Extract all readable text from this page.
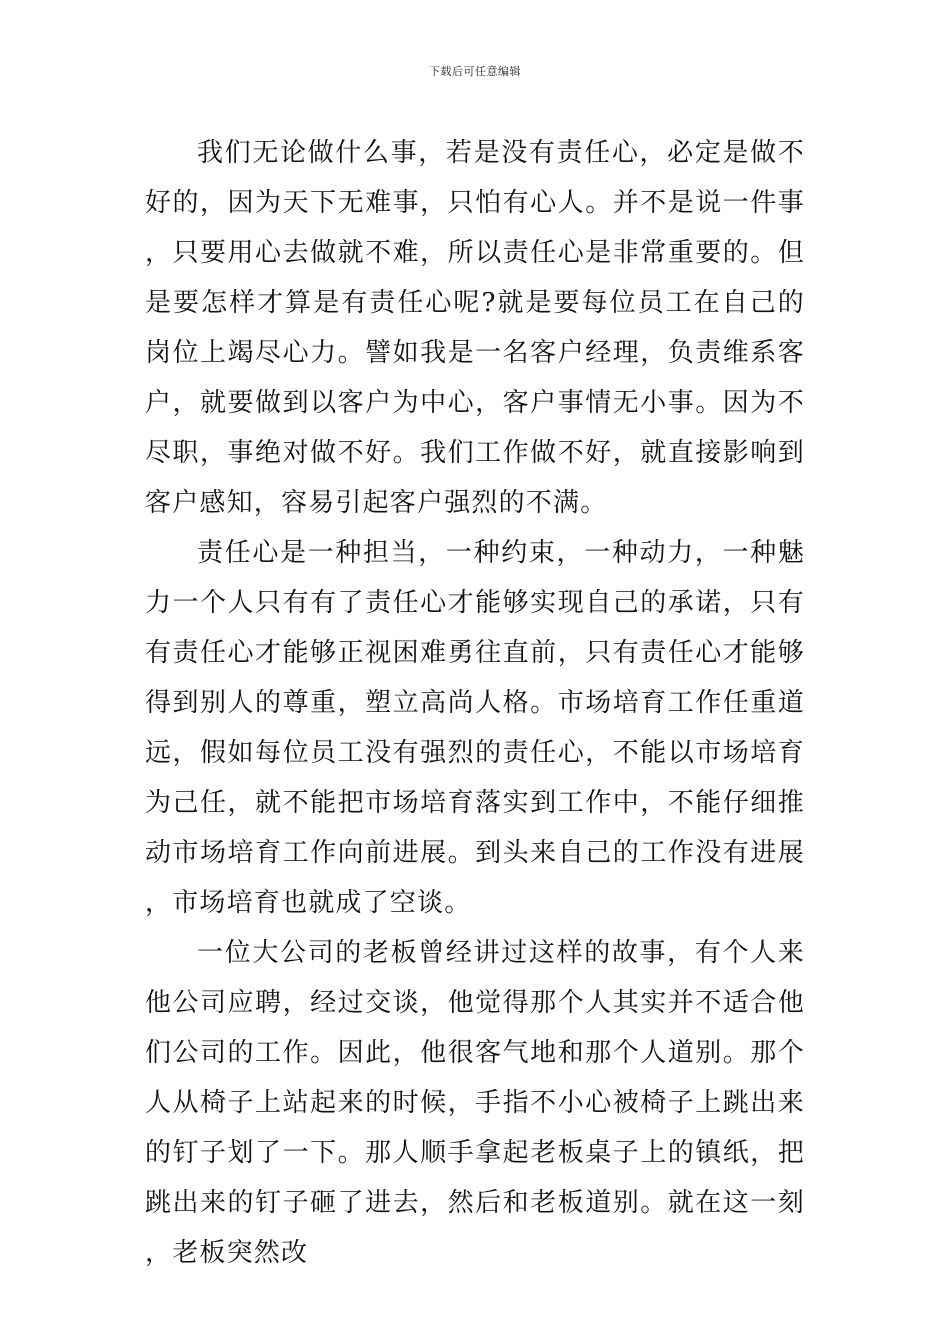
下载后可任意编辑

我们无论做什么事，若是没有责任心，必定是做不好的，因为天下无难事，只怕有心人。并不是说一件事，只要用心去做就不难，所以责任心是非常重要的。但是要怎样才算是有责任心呢?就是要每位员工在自己的岗位上竭尽心力。譬如我是一名客户经理，负责维系客户，就要做到以客户为中心，客户事情无小事。因为不尽职，事绝对做不好。我们工作做不好，就直接影响到客户感知，容易引起客户强烈的不满。

责任心是一种担当，一种约束，一种动力，一种魅力一个人只有有了责任心才能够实现自己的承诺，只有有责任心才能够正视困难勇往直前，只有责任心才能够得到别人的尊重，塑立高尚人格。市场培育工作任重道远，假如每位员工没有强烈的责任心，不能以市场培育为己任，就不能把市场培育落实到工作中，不能仔细推动市场培育工作向前进展。到头来自己的工作没有进展，市场培育也就成了空谈。

一位大公司的老板曾经讲过这样的故事，有个人来他公司应聘，经过交谈，他觉得那个人其实并不适合他们公司的工作。因此，他很客气地和那个人道别。那个人从椅子上站起来的时候，手指不小心被椅子上跳出来的钉子划了一下。那人顺手拿起老板桌子上的镇纸，把跳出来的钉子砸了进去，然后和老板道别。就在这一刻，老板突然改
